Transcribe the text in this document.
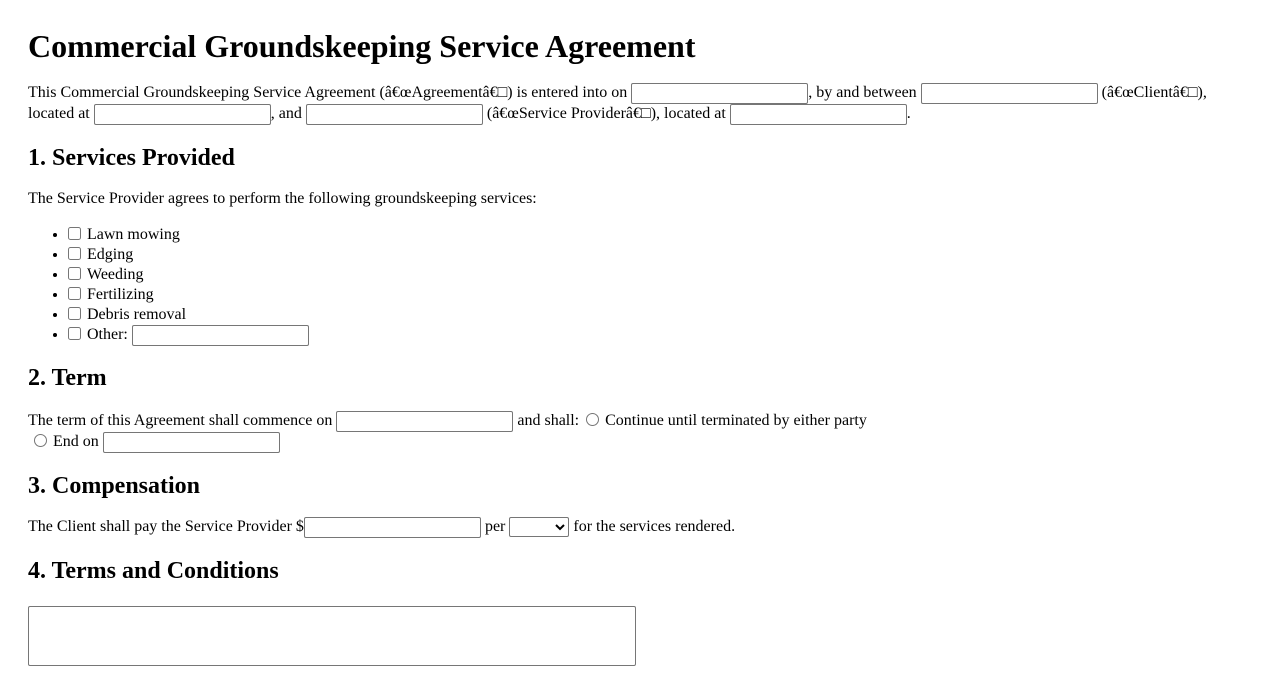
Commercial Groundskeeping Service Agreement

This Commercial Groundskeeping Service Agreement (â€œAgreementâ€□) is entered into on	, by and between	(â€œClientâ€□), located at	, and	(â€œService Providerâ€□), located at	.

1. Services Provided

The Service Provider agrees to perform the following groundskeeping services:

• Lawn mowing
• Edging
• Weeding
• Fertilizing
• Debris removal
• Other:
2. Term

The term of this Agreement shall commence on	and shall: Continue until terminated by either party
End on

3. Compensation

The Client shall pay the Service Provider $	per	for the services rendered.

4. Terms and Conditions
